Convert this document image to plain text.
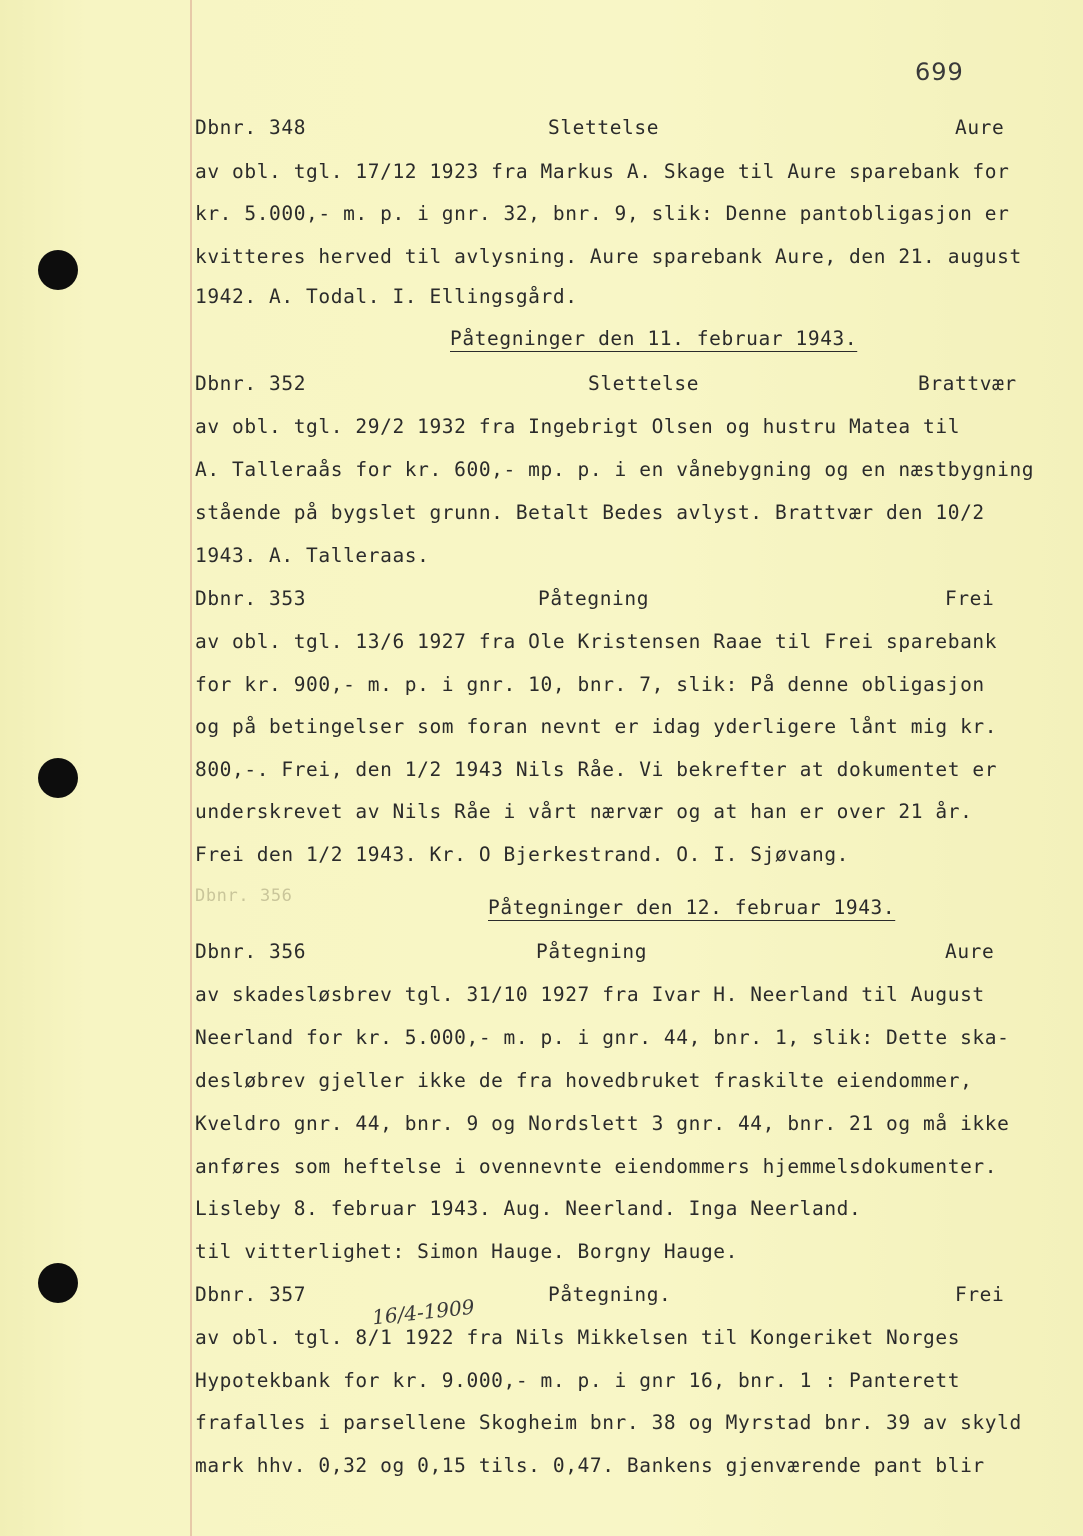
699
Dbnr. 348	Slettelse	Aure
av obl. tgl. 17/12 1923 fra Markus A. Skage til Aure sparebank for
kr. 5.000,- m. p. i gnr. 32, bnr. 9, slik: Denne pantobligasjon er
kvitteres herved til avlysning. Aure sparebank Aure, den 21. august
1942. A. Todal. I. Ellingsgård.
Påtegninger den 11. februar 1943.
Dbnr. 352	Slettelse	Brattvær
av obl. tgl. 29/2 1932 fra Ingebrigt Olsen og hustru Matea til
A. Talleraås for kr. 600,- mp. p. i en vånebygning og en næstbygning
stående på bygslet grunn. Betalt Bedes avlyst. Brattvær den 10/2
1943. A. Talleraas.
Dbnr. 353	Påtegning	Frei
av obl. tgl. 13/6 1927 fra Ole Kristensen Raae til Frei sparebank
for kr. 900,- m. p. i gnr. 10, bnr. 7, slik: På denne obligasjon
og på betingelser som foran nevnt er idag yderligere lånt mig kr.
800,-. Frei, den 1/2 1943 Nils Råe. Vi bekrefter at dokumentet er
underskrevet av Nils Råe i vårt nærvær og at han er over 21 år.
Frei den 1/2 1943. Kr. O Bjerkestrand. O. I. Sjøvang.
Dbnr. 356	Påtegninger den 12. februar 1943.
Dbnr. 356	Påtegning	Aure
av skadesløsbrev tgl. 31/10 1927 fra Ivar H. Neerland til August
Neerland for kr. 5.000,- m. p. i gnr. 44, bnr. 1, slik: Dette ska-
desløbrev gjeller ikke de fra hovedbruket fraskilte eiendommer,
Kveldro gnr. 44, bnr. 9 og Nordslett 3 gnr. 44, bnr. 21 og må ikke
anføres som heftelse i ovennevnte eiendommers hjemmelsdokumenter.
Lisleby 8. februar 1943. Aug. Neerland. Inga Neerland.
til vitterlighet: Simon Hauge. Borgny Hauge.
Dbnr. 357	Påtegning.	Frei
16/4-1909
av obl. tgl. 8/1 1922 fra Nils Mikkelsen til Kongeriket Norges
Hypotekbank for kr. 9.000,- m. p. i gnr 16, bnr. 1 : Panterett
frafalles i parsellene Skogheim bnr. 38 og Myrstad bnr. 39 av skyld
mark hhv. 0,32 og 0,15 tils. 0,47. Bankens gjenværende pant blir
